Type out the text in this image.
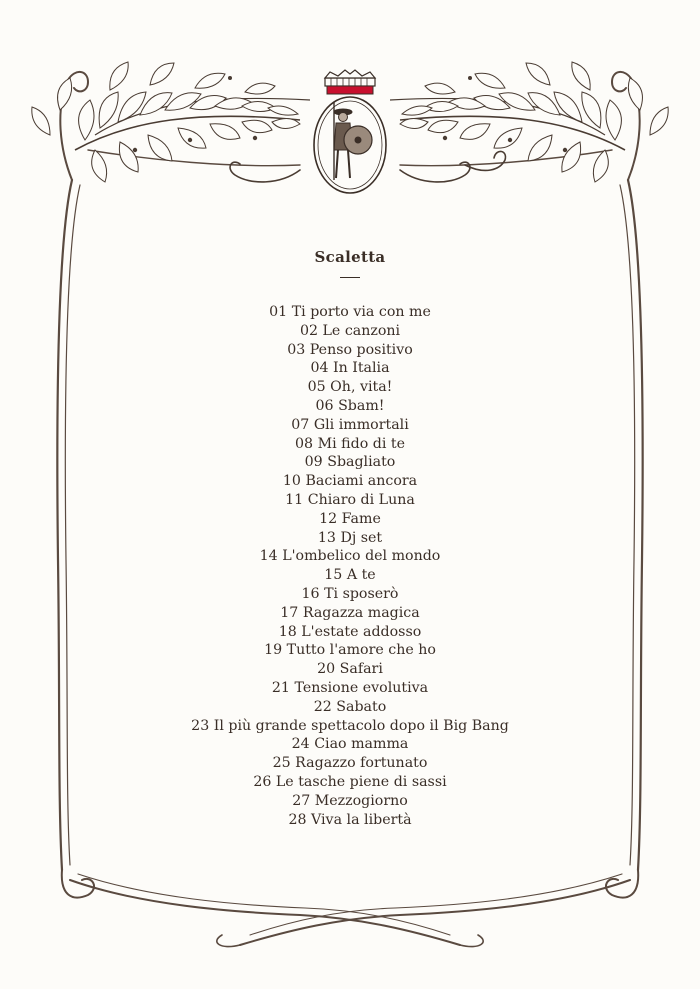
Scaletta
01 Ti porto via con me
02 Le canzoni
03 Penso positivo
04 In Italia
05 Oh, vita!
06 Sbam!
07 Gli immortali
08 Mi fido di te
09 Sbagliato
10 Baciami ancora
11 Chiaro di Luna
12 Fame
13 Dj set
14 L'ombelico del mondo
15 A te
16 Ti sposerò
17 Ragazza magica
18 L'estate addosso
19 Tutto l'amore che ho
20 Safari
21 Tensione evolutiva
22 Sabato
23 Il più grande spettacolo dopo il Big Bang
24 Ciao mamma
25 Ragazzo fortunato
26 Le tasche piene di sassi
27 Mezzogiorno
28 Viva la libertà
